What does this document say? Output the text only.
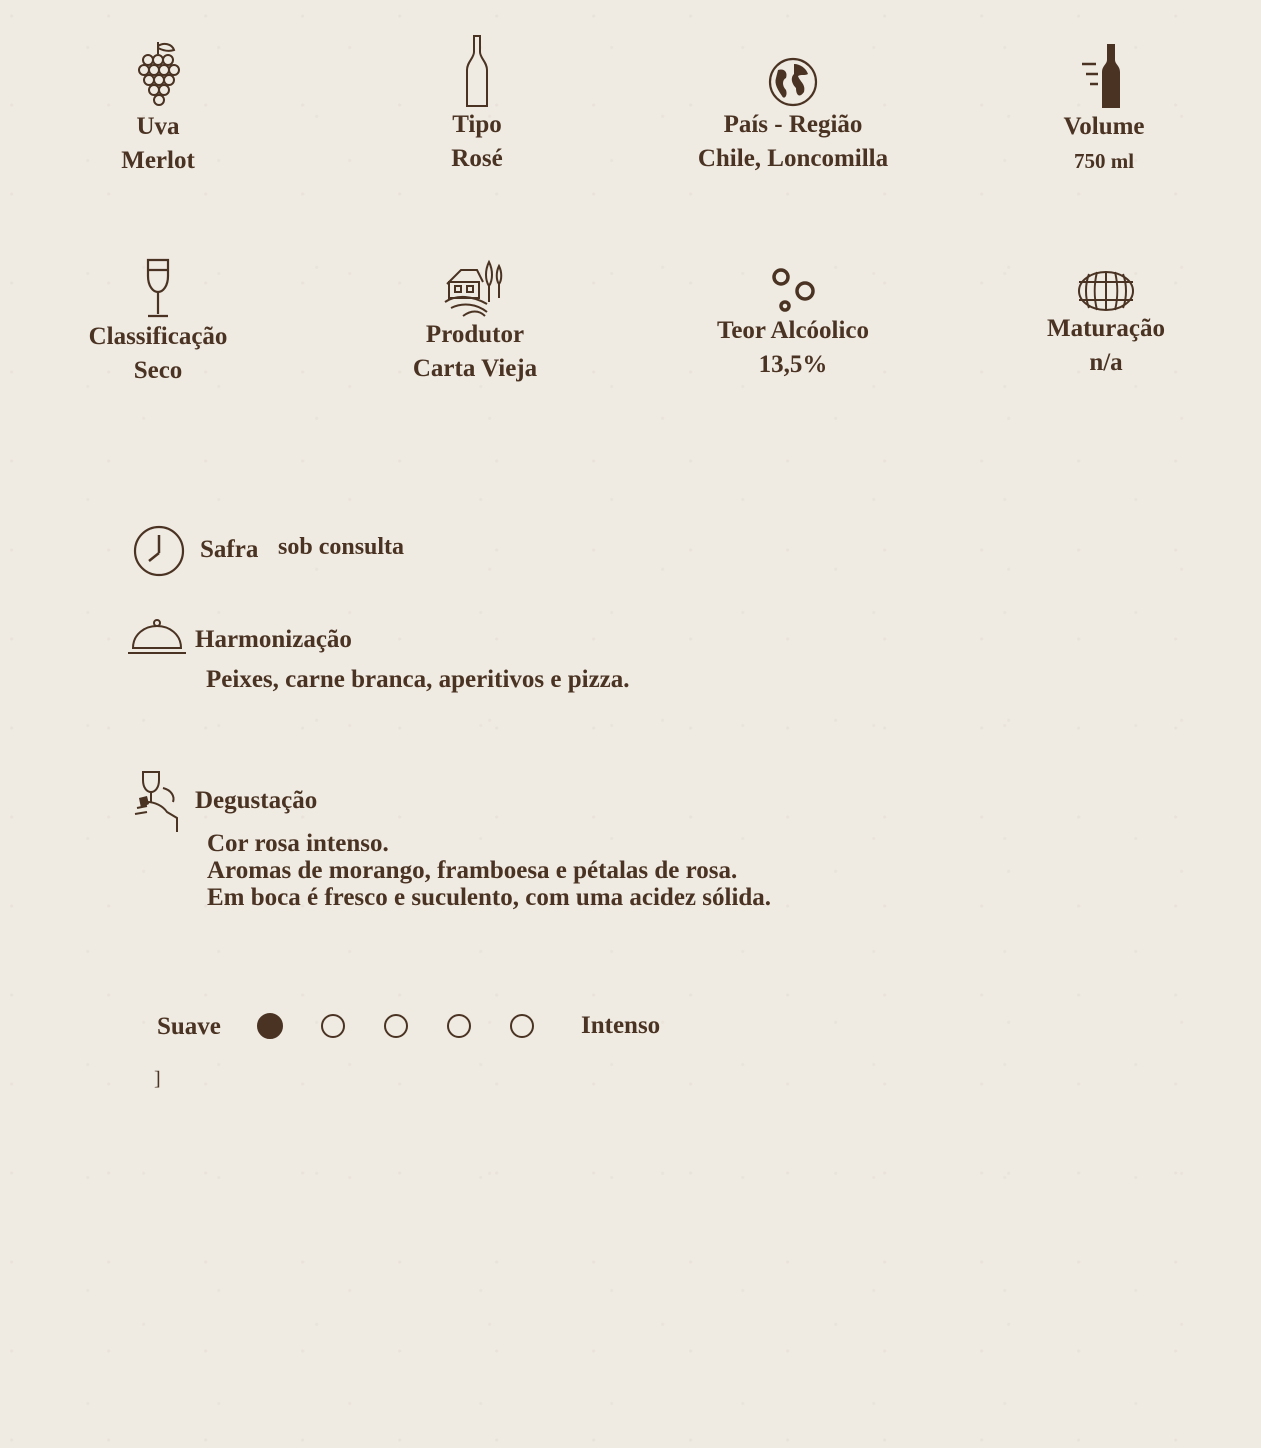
Uva
Merlot
Tipo
Rosé
País - Região
Chile, Loncomilla
Volume
750 ml
Classificação
Seco
Produtor
Carta Vieja
Teor Alcóolico
13,5%
Maturação
n/a
Safra sob consulta
Harmonização
Peixes, carne branca, aperitivos e pizza.
Degustação
Cor rosa intenso.
Aromas de morango, framboesa e pétalas de rosa.
Em boca é fresco e suculento, com uma acidez sólida.
Suave	Intenso
]
